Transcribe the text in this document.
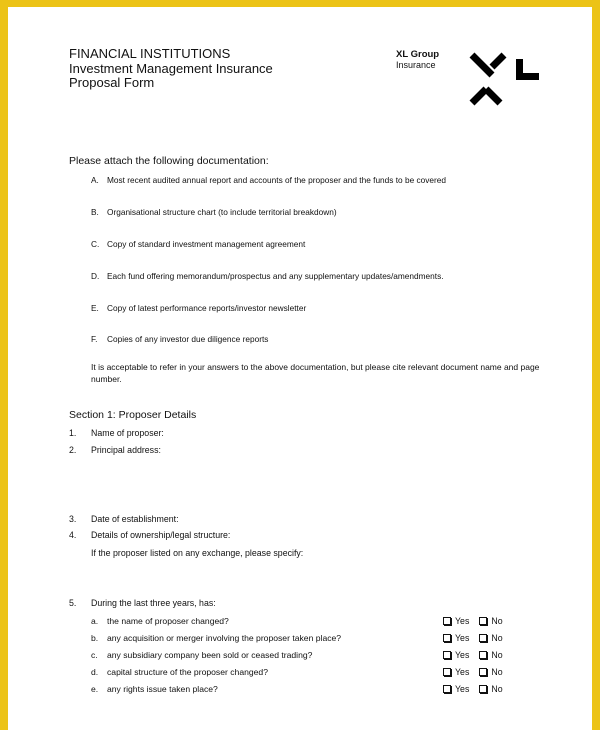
FINANCIAL INSTITUTIONS
Investment Management Insurance
Proposal Form
XL Group
Insurance
Please attach the following documentation:
A. Most recent audited annual report and accounts of the proposer and the funds to be covered
B. Organisational structure chart (to include territorial breakdown)
C. Copy of standard investment management agreement
D. Each fund offering memorandum/prospectus and any supplementary updates/amendments.
E. Copy of latest performance reports/investor newsletter
F. Copies of any investor due diligence reports
It is acceptable to refer in your answers to the above documentation, but please cite relevant document name and page number.
Section 1: Proposer Details
1. Name of proposer:
2. Principal address:
3. Date of establishment:
4. Details of ownership/legal structure:
If the proposer listed on any exchange, please specify:
5. During the last three years, has:
a. the name of proposer changed?	Yes	No
b. any acquisition or merger involving the proposer taken place?	Yes	No
c. any subsidiary company been sold or ceased trading?	Yes	No
d. capital structure of the proposer changed?	Yes	No
e. any rights issue taken place?	Yes	No
